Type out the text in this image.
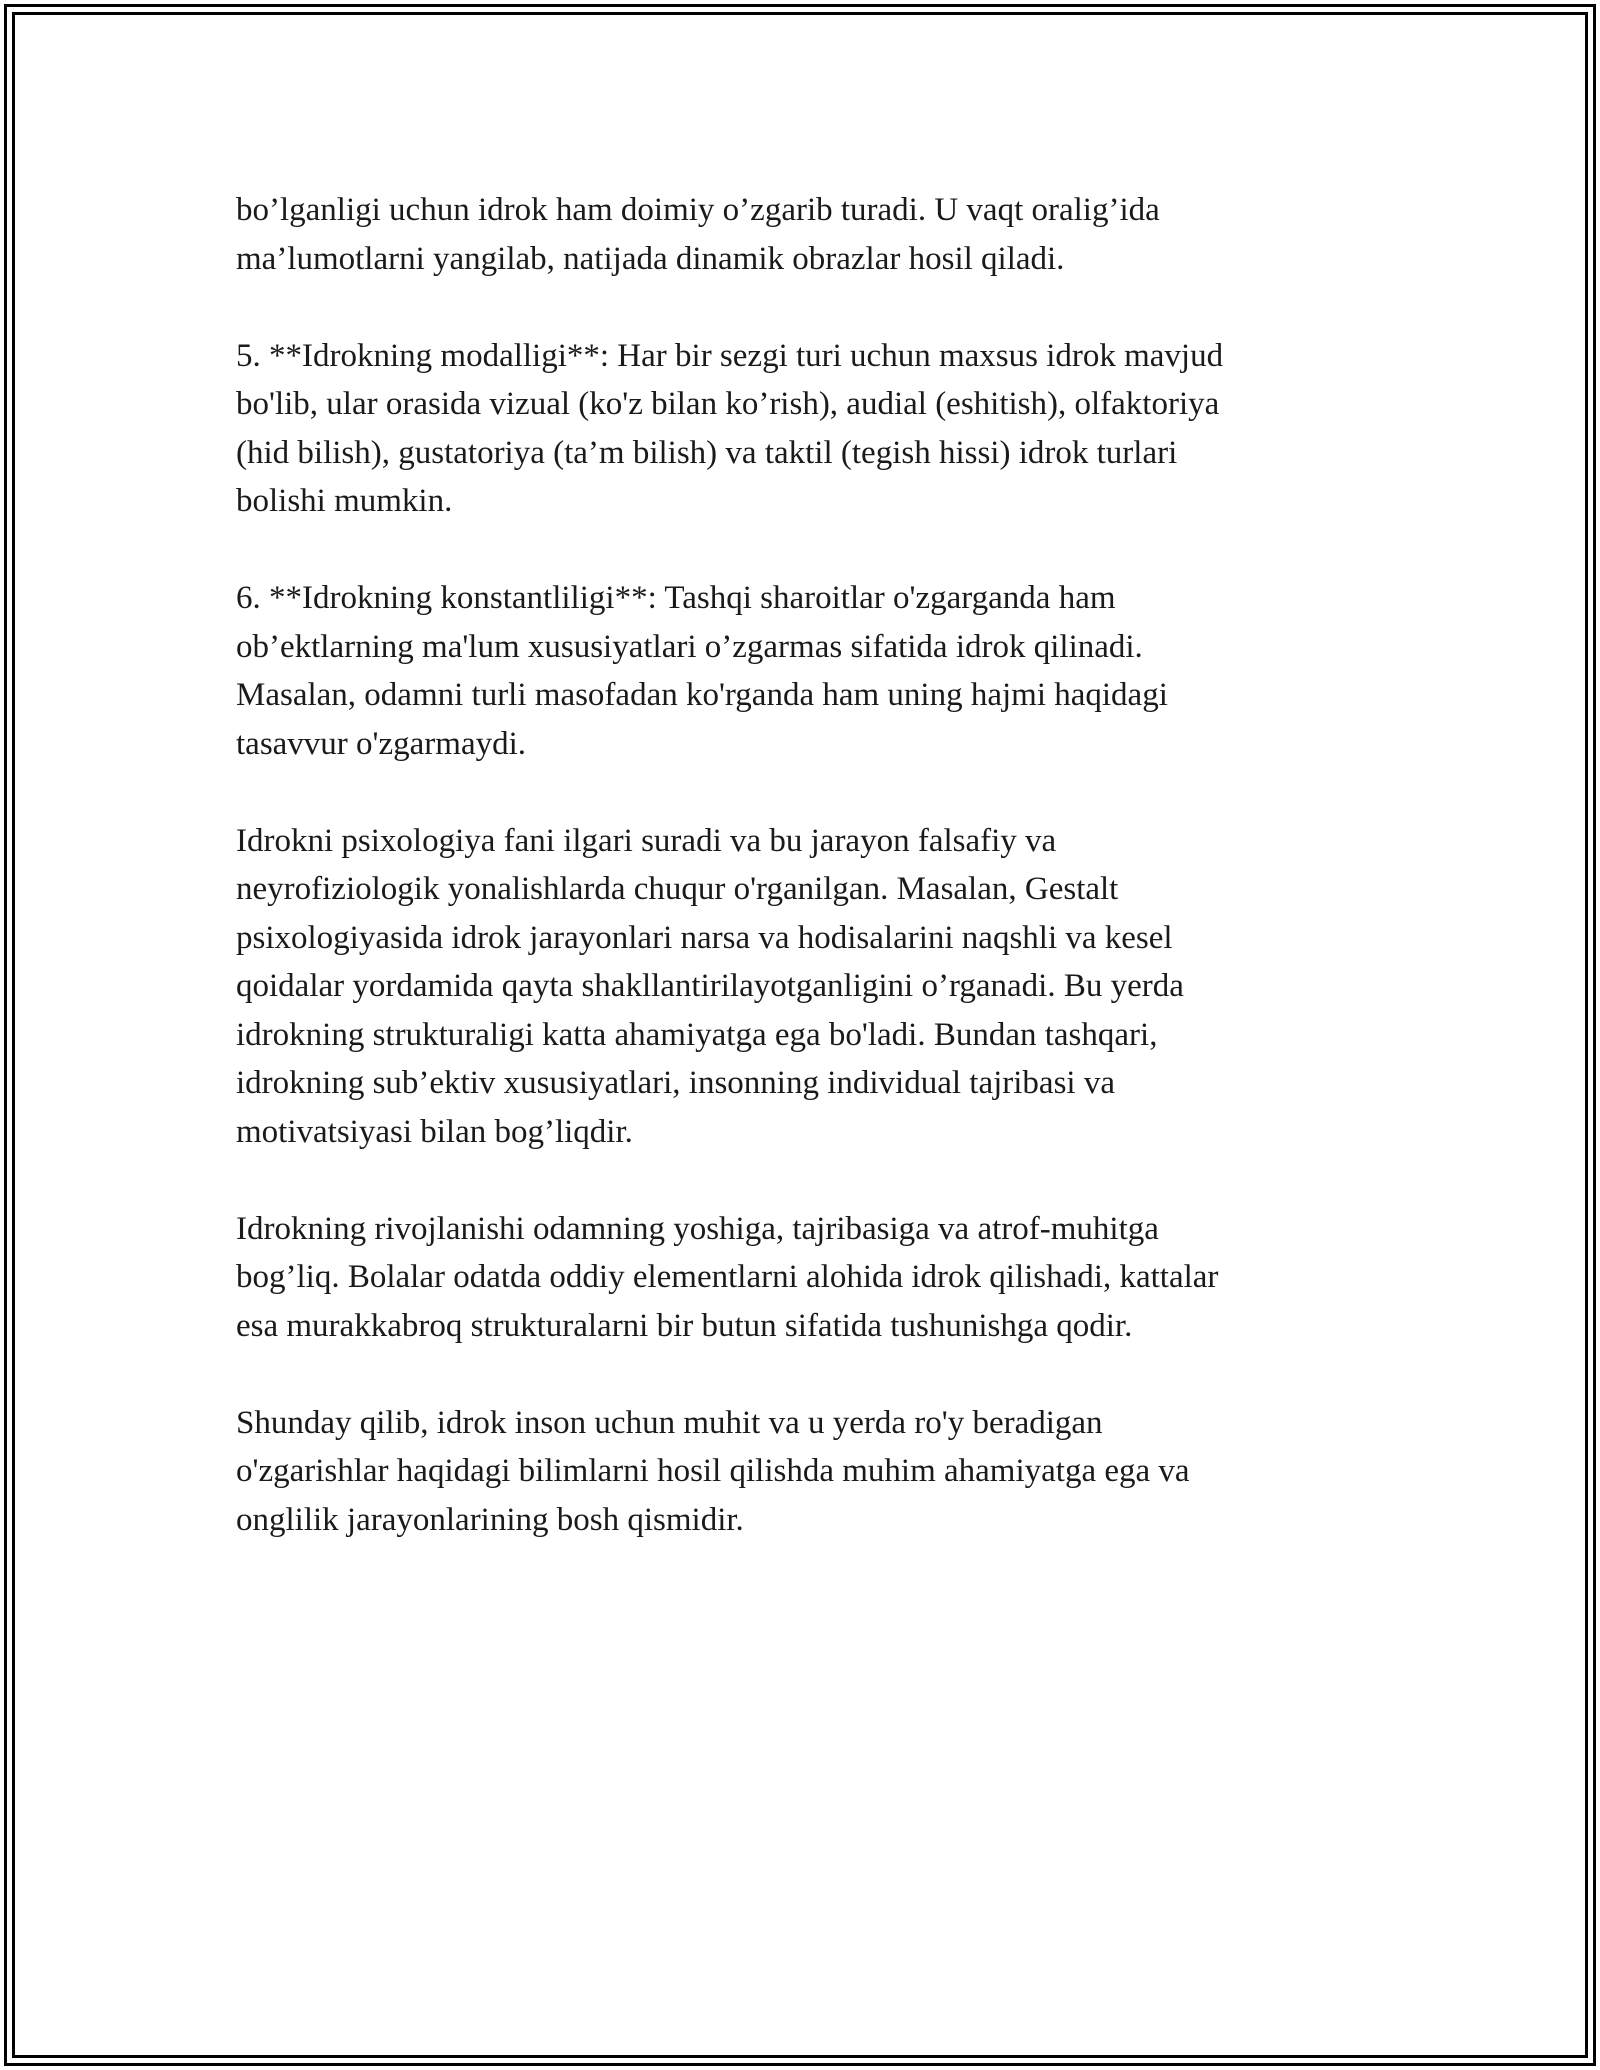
bo’lganligi uchun idrok ham doimiy o’zgarib turadi. U vaqt oralig’ida
ma’lumotlarni yangilab, natijada dinamik obrazlar hosil qiladi.

5. **Idrokning modalligi**: Har bir sezgi turi uchun maxsus idrok mavjud
bo'lib, ular orasida vizual (ko'z bilan ko’rish), audial (eshitish), olfaktoriya
(hid bilish), gustatoriya (ta’m bilish) va taktil (tegish hissi) idrok turlari
bolishi mumkin.

6. **Idrokning konstantliligi**: Tashqi sharoitlar o'zgarganda ham
ob’ektlarning ma'lum xususiyatlari o’zgarmas sifatida idrok qilinadi.
Masalan, odamni turli masofadan ko'rganda ham uning hajmi haqidagi
tasavvur o'zgarmaydi.

Idrokni psixologiya fani ilgari suradi va bu jarayon falsafiy va
neyrofiziologik yonalishlarda chuqur o'rganilgan. Masalan, Gestalt
psixologiyasida idrok jarayonlari narsa va hodisalarini naqshli va kesel
qoidalar yordamida qayta shakllantirilayotganligini o’rganadi. Bu yerda
idrokning strukturaligi katta ahamiyatga ega bo'ladi. Bundan tashqari,
idrokning sub’ektiv xususiyatlari, insonning individual tajribasi va
motivatsiyasi bilan bog’liqdir.

Idrokning rivojlanishi odamning yoshiga, tajribasiga va atrof-muhitga
bog’liq. Bolalar odatda oddiy elementlarni alohida idrok qilishadi, kattalar
esa murakkabroq strukturalarni bir butun sifatida tushunishga qodir.

Shunday qilib, idrok inson uchun muhit va u yerda ro'y beradigan
o'zgarishlar haqidagi bilimlarni hosil qilishda muhim ahamiyatga ega va
onglilik jarayonlarining bosh qismidir.
